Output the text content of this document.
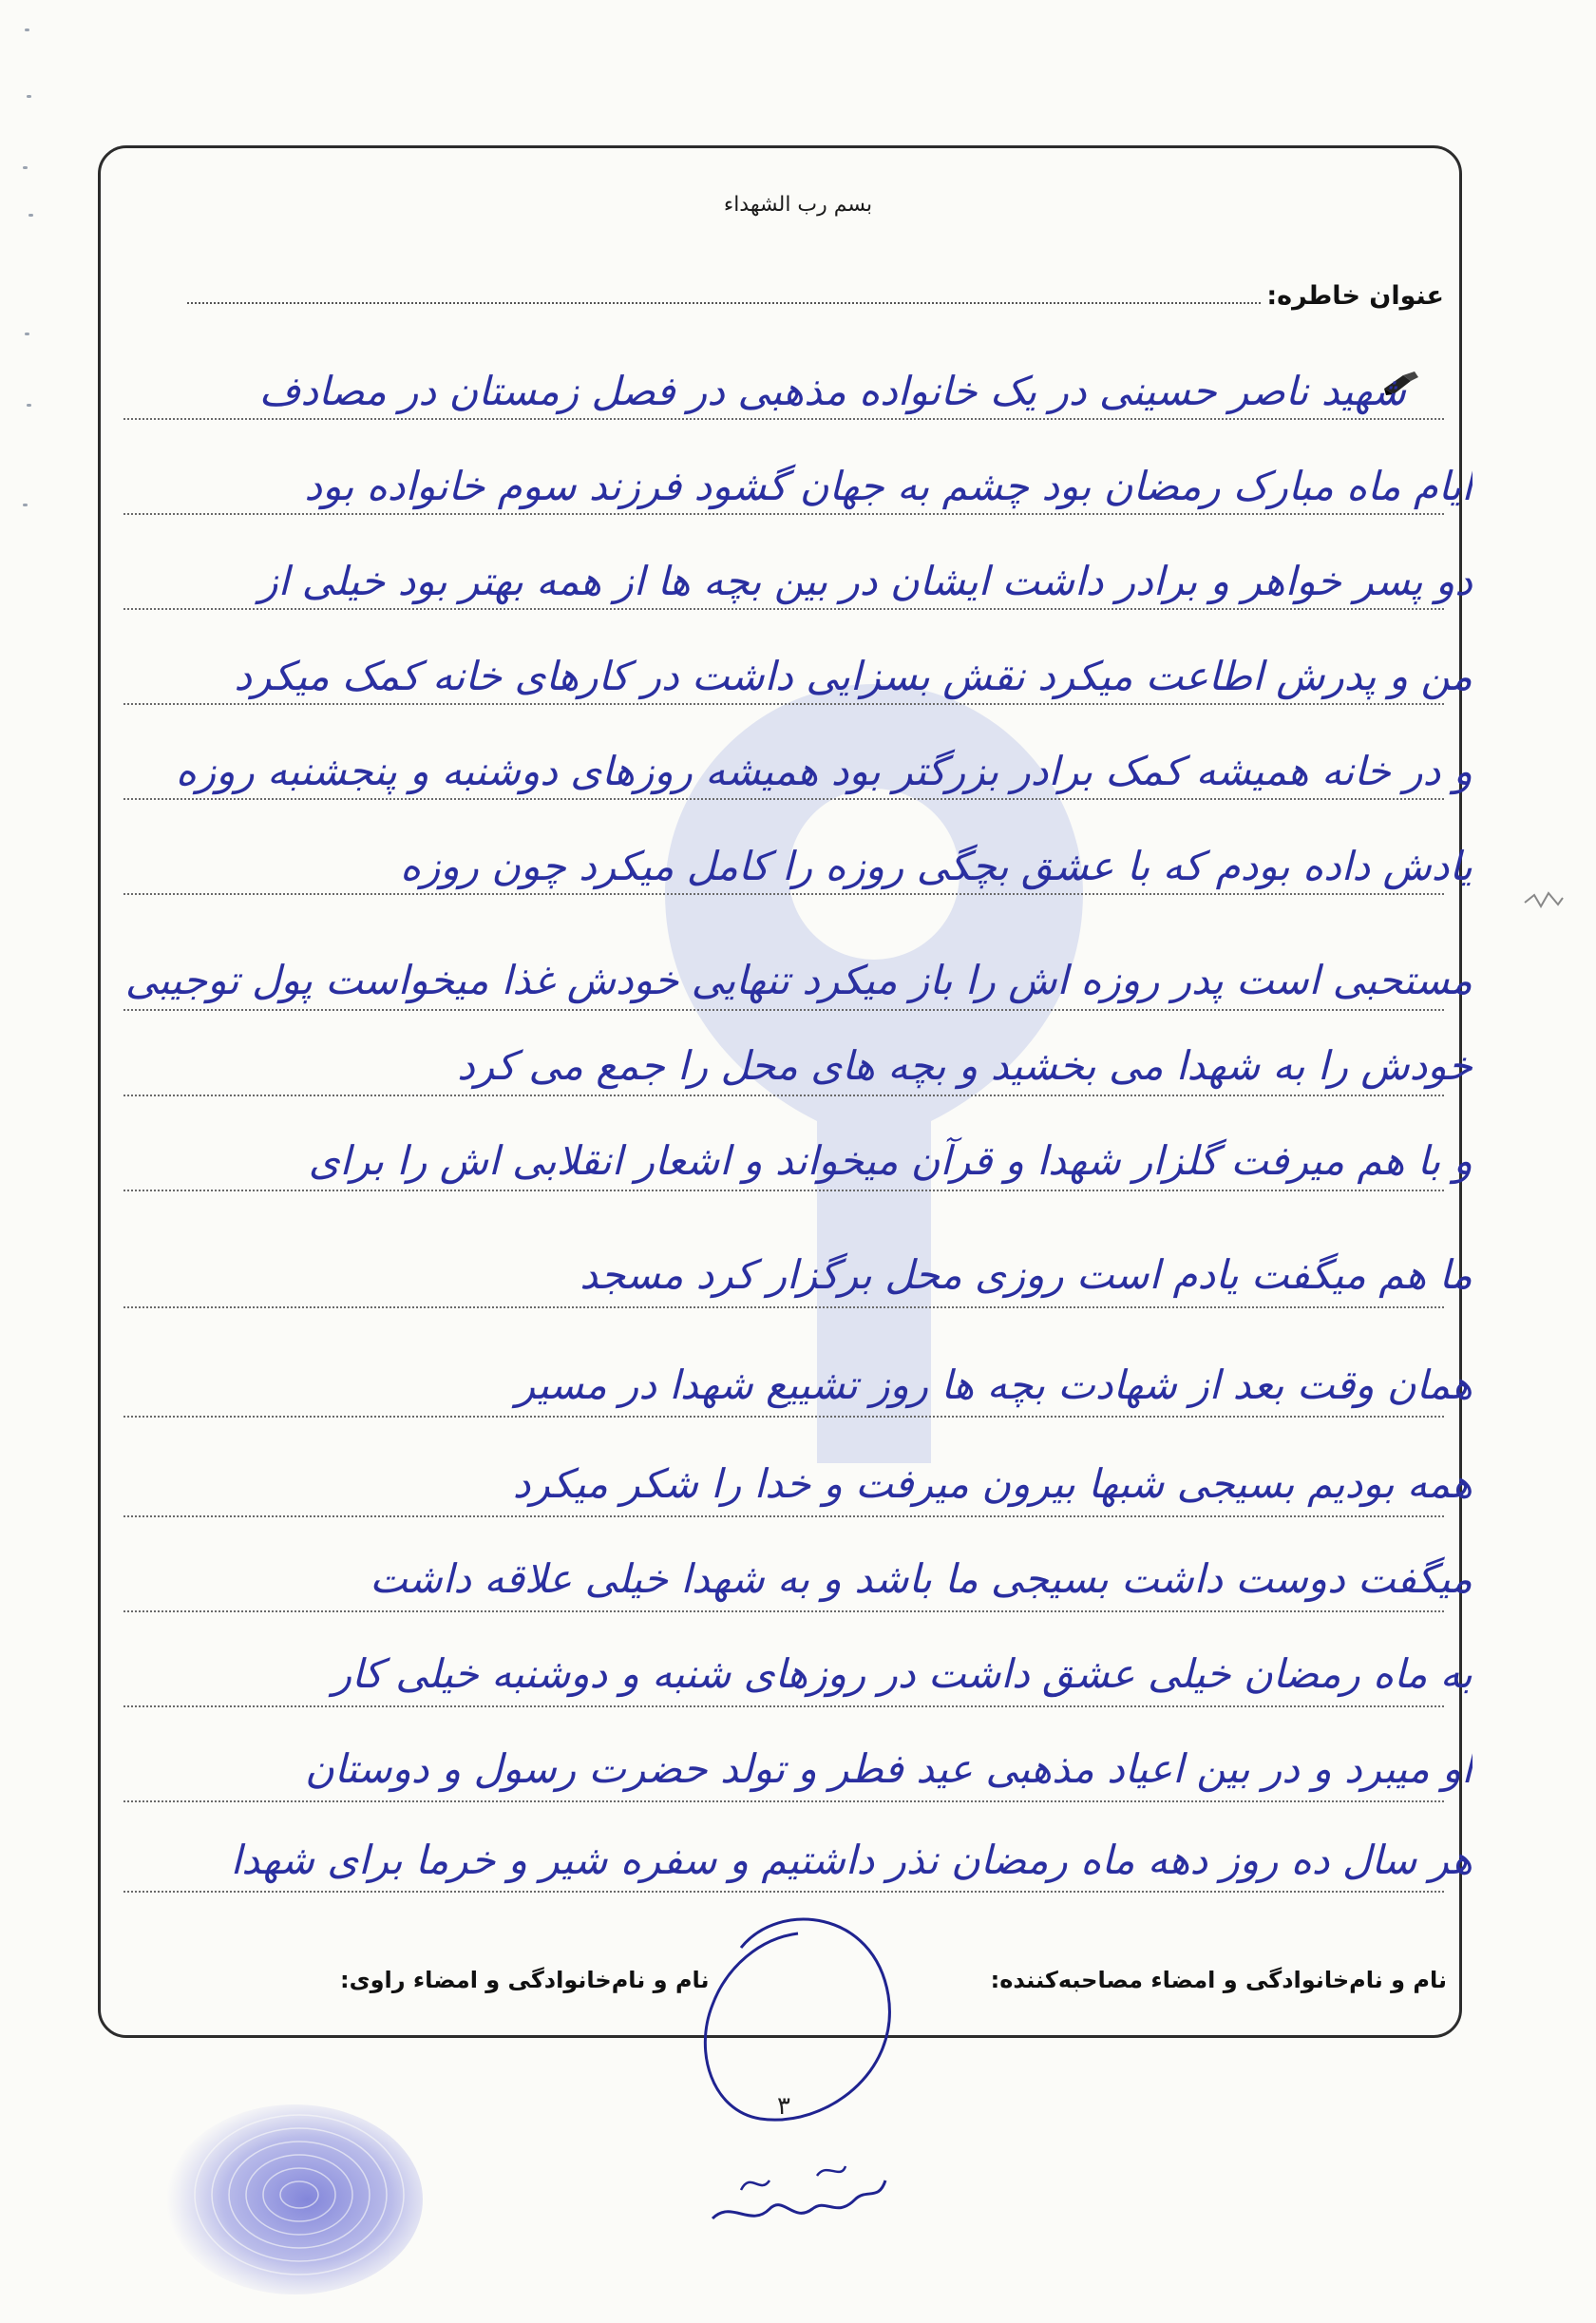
بسم رب الشهداء
عنوان خاطره:
شهید ناصر حسینی در یک خانواده مذهبی در فصل زمستان در مصادف
ایام ماه مبارک رمضان بود چشم به جهان گشود فرزند سوم خانواده بود
دو پسر خواهر و برادر داشت ایشان در بین بچه ها از همه بهتر بود خیلی از
من و پدرش اطاعت میکرد نقش بسزایی داشت در کارهای خانه کمک میکرد
و در خانه همیشه کمک برادر بزرگتر بود همیشه روزهای دوشنبه و پنجشنبه روزه
یادش داده بودم که با عشق بچگی روزه را کامل میکرد چون روزه
مستحبی است پدر روزه اش را باز میکرد تنهایی خودش غذا میخواست پول توجیبی
خودش را به شهدا می بخشید و بچه های محل را جمع می کرد
و با هم میرفت گلزار شهدا و قرآن میخواند و اشعار انقلابی اش را برای
ما هم میگفت یادم است روزی محل برگزار کرد مسجد
همان وقت بعد از شهادت بچه ها روز تشییع شهدا در مسیر
همه بودیم بسیجی شبها بیرون میرفت و خدا را شکر میکرد
میگفت دوست داشت بسیجی ما باشد و به شهدا خیلی علاقه داشت
به ماه رمضان خیلی عشق داشت در روزهای شنبه و دوشنبه خیلی کار
او میبرد و در بین اعیاد مذهبی عید فطر و تولد حضرت رسول و دوستان
هر سال ده روز دهه ماه رمضان نذر داشتیم و سفره شیر و خرما برای شهدا
نام و نام‌خانوادگی و امضاء مصاحبه‌کننده:
نام و نام‌خانوادگی و امضاء راوی:
۳
